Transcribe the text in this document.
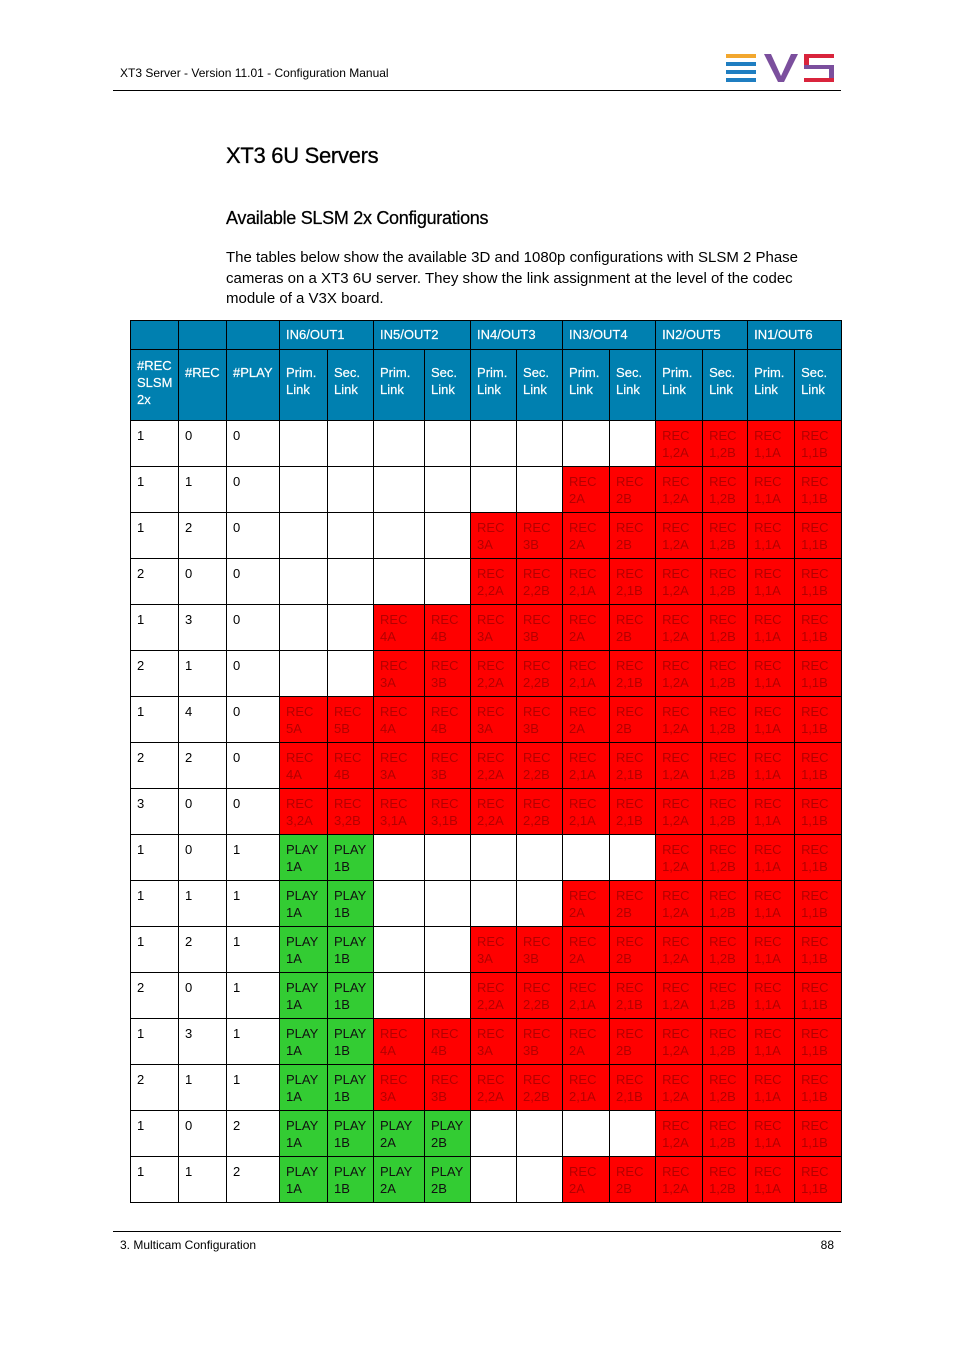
XT3 Server - Version 11.01 - Configuration Manual
XT3 6U Servers
Available SLSM 2x Configurations

The tables below show the available 3D and 1080p configurations with SLSM 2 Phase cameras on a XT3 6U server. They show the link assignment at the level of the codec module of a V3X board.

			IN6/OUT1		IN5/OUT2		IN4/OUT3		IN3/OUT4		IN2/OUT5		IN1/OUT6	
#REC SLSM 2x	#REC	#PLAY	Prim. Link	Sec. Link	Prim. Link	Sec. Link	Prim. Link	Sec. Link	Prim. Link	Sec. Link	Prim. Link	Sec. Link	Prim. Link	Sec. Link
1	0	0									REC 1,2A	REC 1,2B	REC 1,1A	REC 1,1B
1	1	0							REC 2A	REC 2B	REC 1,2A	REC 1,2B	REC 1,1A	REC 1,1B
1	2	0					REC 3A	REC 3B	REC 2A	REC 2B	REC 1,2A	REC 1,2B	REC 1,1A	REC 1,1B
2	0	0					REC 2,2A	REC 2,2B	REC 2,1A	REC 2,1B	REC 1,2A	REC 1,2B	REC 1,1A	REC 1,1B
1	3	0			REC 4A	REC 4B	REC 3A	REC 3B	REC 2A	REC 2B	REC 1,2A	REC 1,2B	REC 1,1A	REC 1,1B
2	1	0			REC 3A	REC 3B	REC 2,2A	REC 2,2B	REC 2,1A	REC 2,1B	REC 1,2A	REC 1,2B	REC 1,1A	REC 1,1B
1	4	0	REC 5A	REC 5B	REC 4A	REC 4B	REC 3A	REC 3B	REC 2A	REC 2B	REC 1,2A	REC 1,2B	REC 1,1A	REC 1,1B
2	2	0	REC 4A	REC 4B	REC 3A	REC 3B	REC 2,2A	REC 2,2B	REC 2,1A	REC 2,1B	REC 1,2A	REC 1,2B	REC 1,1A	REC 1,1B
3	0	0	REC 3,2A	REC 3,2B	REC 3,1A	REC 3,1B	REC 2,2A	REC 2,2B	REC 2,1A	REC 2,1B	REC 1,2A	REC 1,2B	REC 1,1A	REC 1,1B
1	0	1	PLAY 1A	PLAY 1B							REC 1,2A	REC 1,2B	REC 1,1A	REC 1,1B
1	1	1	PLAY 1A	PLAY 1B					REC 2A	REC 2B	REC 1,2A	REC 1,2B	REC 1,1A	REC 1,1B
1	2	1	PLAY 1A	PLAY 1B			REC 3A	REC 3B	REC 2A	REC 2B	REC 1,2A	REC 1,2B	REC 1,1A	REC 1,1B
2	0	1	PLAY 1A	PLAY 1B			REC 2,2A	REC 2,2B	REC 2,1A	REC 2,1B	REC 1,2A	REC 1,2B	REC 1,1A	REC 1,1B
1	3	1	PLAY 1A	PLAY 1B	REC 4A	REC 4B	REC 3A	REC 3B	REC 2A	REC 2B	REC 1,2A	REC 1,2B	REC 1,1A	REC 1,1B
2	1	1	PLAY 1A	PLAY 1B	REC 3A	REC 3B	REC 2,2A	REC 2,2B	REC 2,1A	REC 2,1B	REC 1,2A	REC 1,2B	REC 1,1A	REC 1,1B
1	0	2	PLAY 1A	PLAY 1B	PLAY 2A	PLAY 2B					REC 1,2A	REC 1,2B	REC 1,1A	REC 1,1B
1	1	2	PLAY 1A	PLAY 1B	PLAY 2A	PLAY 2B			REC 2A	REC 2B	REC 1,2A	REC 1,2B	REC 1,1A	REC 1,1B
3. Multicam Configuration	88
